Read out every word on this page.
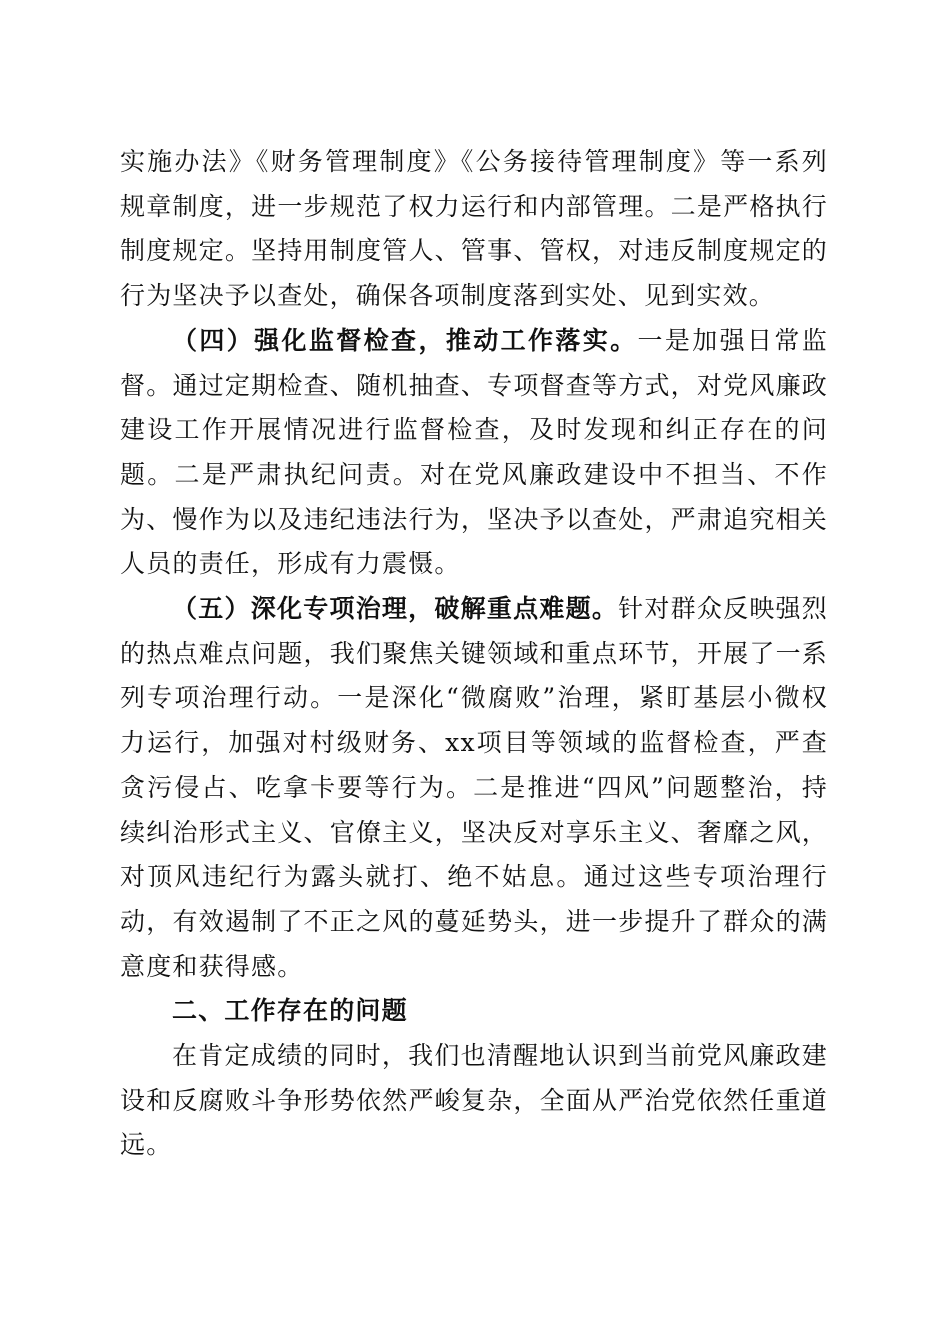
实施办法》《财务管理制度》《公务接待管理制度》等一系列规章制度，进一步规范了权力运行和内部管理。二是严格执行制度规定。坚持用制度管人、管事、管权，对违反制度规定的行为坚决予以查处，确保各项制度落到实处、见到实效。

（四）强化监督检查，推动工作落实。一是加强日常监督。通过定期检查、随机抽查、专项督查等方式，对党风廉政建设工作开展情况进行监督检查，及时发现和纠正存在的问题。二是严肃执纪问责。对在党风廉政建设中不担当、不作为、慢作为以及违纪违法行为，坚决予以查处，严肃追究相关人员的责任，形成有力震慑。

（五）深化专项治理，破解重点难题。针对群众反映强烈的热点难点问题，我们聚焦关键领域和重点环节，开展了一系列专项治理行动。一是深化“微腐败”治理，紧盯基层小微权力运行，加强对村级财务、xx项目等领域的监督检查，严查贪污侵占、吃拿卡要等行为。二是推进“四风”问题整治，持续纠治形式主义、官僚主义，坚决反对享乐主义、奢靡之风，对顶风违纪行为露头就打、绝不姑息。通过这些专项治理行动，有效遏制了不正之风的蔓延势头，进一步提升了群众的满意度和获得感。

二、工作存在的问题

在肯定成绩的同时，我们也清醒地认识到当前党风廉政建设和反腐败斗争形势依然严峻复杂，全面从严治党依然任重道远。
